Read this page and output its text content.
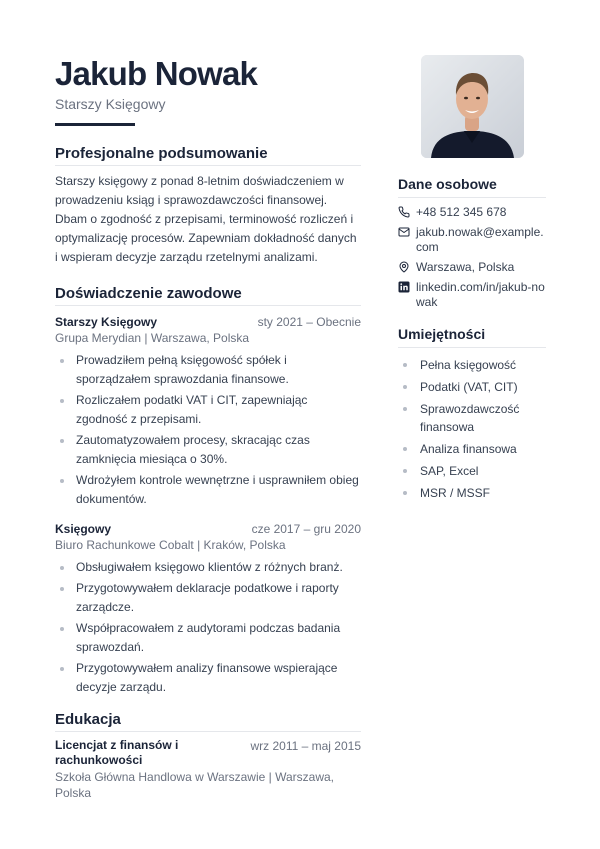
Jakub Nowak
Starszy Księgowy
Profesjonalne podsumowanie

Starszy księgowy z ponad 8-letnim doświadczeniem w prowadzeniu ksiąg i sprawozdawczości finansowej. Dbam o zgodność z przepisami, terminowość rozliczeń i optymalizację procesów. Zapewniam dokładność danych i wspieram decyzje zarządu rzetelnymi analizami.

Doświadczenie zawodowe
Starszy Księgowy	sty 2021 – Obecnie
Grupa Merydian | Warszawa, Polska
Prowadziłem pełną księgowość spółek i sporządzałem sprawozdania finansowe.
Rozliczałem podatki VAT i CIT, zapewniając zgodność z przepisami.
Zautomatyzowałem procesy, skracając czas zamknięcia miesiąca o 30%.
Wdrożyłem kontrole wewnętrzne i usprawniłem obieg dokumentów.
Księgowy	cze 2017 – gru 2020
Biuro Rachunkowe Cobalt | Kraków, Polska
Obsługiwałem księgowo klientów z różnych branż.
Przygotowywałem deklaracje podatkowe i raporty zarządcze.
Współpracowałem z audytorami podczas badania sprawozdań.
Przygotowywałem analizy finansowe wspierające decyzje zarządu.
Edukacja
Licencjat z finansów i rachunkowości
wrz 2011 – maj 2015
Szkoła Główna Handlowa w Warszawie | Warszawa, Polska
Dane osobowe
+48 512 345 678
jakub.nowak@example.com
Warszawa, Polska
linkedin.com/in/jakub-nowak
Umiejętności
Pełna księgowość
Podatki (VAT, CIT)
Sprawozdawczość finansowa
Analiza finansowa
SAP, Excel
MSR / MSSF
